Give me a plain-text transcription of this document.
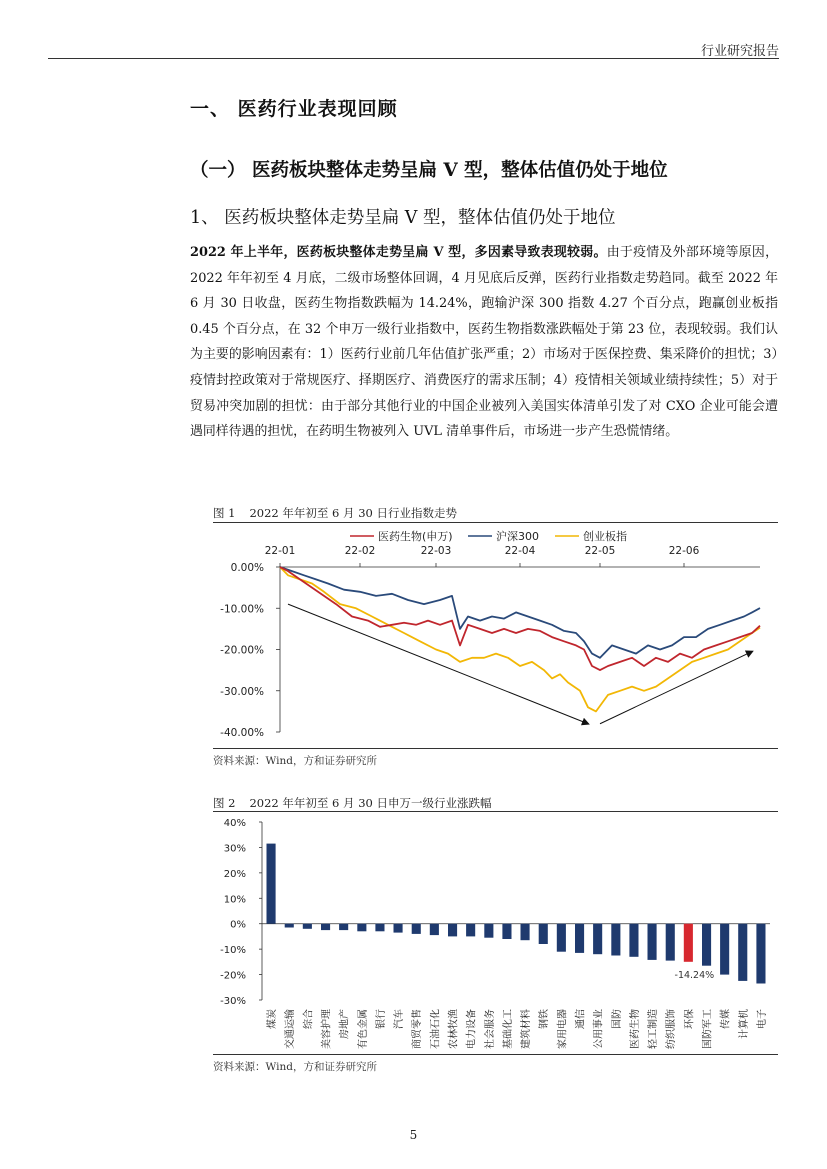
行业研究报告
一、 医药行业表现回顾
（一） 医药板块整体走势呈扁 V 型，整体估值仍处于地位
1、 医药板块整体走势呈扁 V 型，整体估值仍处于地位
2022 年上半年，医药板块整体走势呈扁 V 型，多因素导致表现较弱。由于疫情及外部环境等原因，2022 年年初至 4 月底，二级市场整体回调，4 月见底后反弹，医药行业指数走势趋同。截至 2022 年 6 月 30 日收盘，医药生物指数跌幅为 14.24%，跑输沪深 300 指数 4.27 个百分点，跑赢创业板指 0.45 个百分点，在 32 个申万一级行业指数中，医药生物指数涨跌幅处于第 23 位，表现较弱。我们认为主要的影响因素有：1）医药行业前几年估值扩张严重；2）市场对于医保控费、集采降价的担忧；3）疫情封控政策对于常规医疗、择期医疗、消费医疗的需求压制；4）疫情相关领域业绩持续性；5）对于贸易冲突加剧的担忧：由于部分其他行业的中国企业被列入美国实体清单引发了对 CXO 企业可能会遭遇同样待遇的担忧，在药明生物被列入 UVL 清单事件后，市场进一步产生恐慌情绪。
图 1 2022 年年初至 6 月 30 日行业指数走势
医药生物(申万)	沪深300	创业板指
0.00%
-10.00%
-20.00%
-30.00%
-40.00%
22-01	22-02	22-03	22-04	22-05	22-06
资料来源：Wind，方和证券研究所
图 2 2022 年年初至 6 月 30 日申万一级行业涨跌幅
40%
30%
20%
10%
0%
-10%
-20%
-30%
煤炭 交通运输 综合 美容护理 房地产 有色金属 银行 汽车 商贸零售 石油石化 农林牧渔 电力设备 社会服务 基础化工 建筑材料 钢铁 家用电器 通信 公用事业 国防 医药生物 轻工制造 纺织服饰 环保
-14.24%
国防军工 传媒 计算机 电子
资料来源：Wind，方和证券研究所
5
